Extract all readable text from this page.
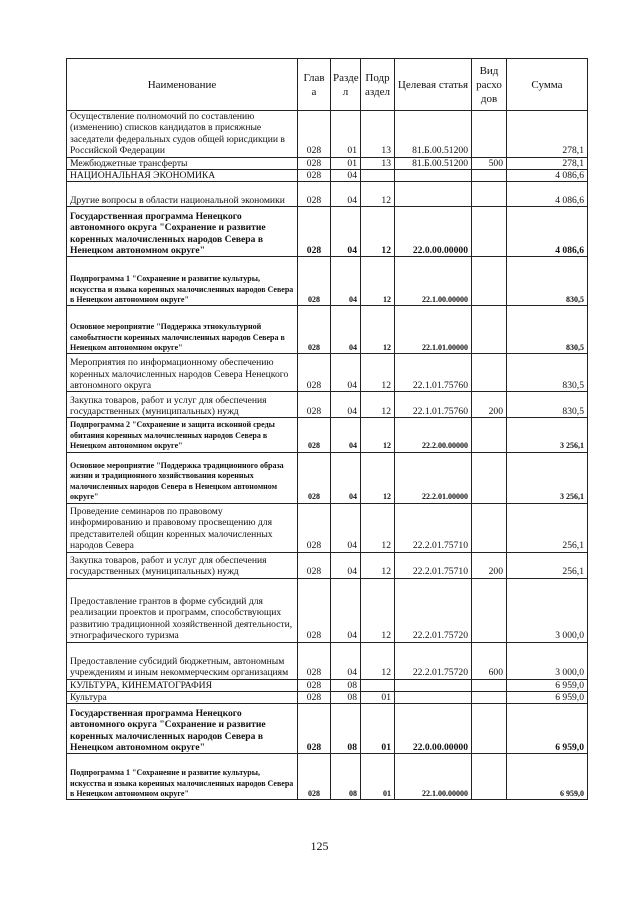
Наименование	Глав а	Разде л	Подр аздел	Целевая статья	Вид расхо дов	Сумма
Осуществление полномочий по составлению (изменению) списков кандидатов в присяжные заседатели федеральных судов общей юрисдикции в Российской Федерации	028	01	13	81.Б.00.51200		278,1
Межбюджетные трансферты	028	01	13	81.Б.00.51200	500	278,1
НАЦИОНАЛЬНАЯ ЭКОНОМИКА	028	04				4 086,6
Другие вопросы в области национальной экономики	028	04	12			4 086,6
Государственная программа Ненецкого автономного округа "Сохранение и развитие коренных малочисленных народов Севера в Ненецком автономном округе"	028	04	12	22.0.00.00000		4 086,6
Подпрограмма 1 "Сохранение и развитие культуры, искусства и языка коренных малочисленных народов Севера в Ненецком автономном округе"	028	04	12	22.1.00.00000		830,5
Основное мероприятие "Поддержка этнокультурной самобытности коренных малочисленных народов Севера в Ненецком автономном округе"	028	04	12	22.1.01.00000		830,5
Мероприятия по информационному обеспечению коренных малочисленных народов Севера Ненецкого автономного округа	028	04	12	22.1.01.75760		830,5
Закупка товаров, работ и услуг для обеспечения государственных (муниципальных) нужд	028	04	12	22.1.01.75760	200	830,5
Подпрограмма 2 "Сохранение и защита исконной среды обитания коренных малочисленных народов Севера в Ненецком автономном округе"	028	04	12	22.2.00.00000		3 256,1
Основное мероприятие "Поддержка традиционного образа жизни и традиционного хозяйствования коренных малочисленных народов Севера в Ненецком автономном округе"	028	04	12	22.2.01.00000		3 256,1
Проведение семинаров по правовому информированию и правовому просвещению для представителей общин коренных малочисленных народов Севера	028	04	12	22.2.01.75710		256,1
Закупка товаров, работ и услуг для обеспечения государственных (муниципальных) нужд	028	04	12	22.2.01.75710	200	256,1
Предоставление грантов в форме субсидий для реализации проектов и программ, способствующих развитию традиционной хозяйственной деятельности, этнографического туризма	028	04	12	22.2.01.75720		3 000,0
Предоставление субсидий бюджетным, автономным учреждениям и иным некоммерческим организациям	028	04	12	22.2.01.75720	600	3 000,0
КУЛЬТУРА, КИНЕМАТОГРАФИЯ	028	08				6 959,0
Культура	028	08	01			6 959,0
Государственная программа Ненецкого автономного округа "Сохранение и развитие коренных малочисленных народов Севера в Ненецком автономном округе"	028	08	01	22.0.00.00000		6 959,0
Подпрограмма 1 "Сохранение и развитие культуры, искусства и языка коренных малочисленных народов Севера в Ненецком автономном округе"	028	08	01	22.1.00.00000		6 959,0
125
